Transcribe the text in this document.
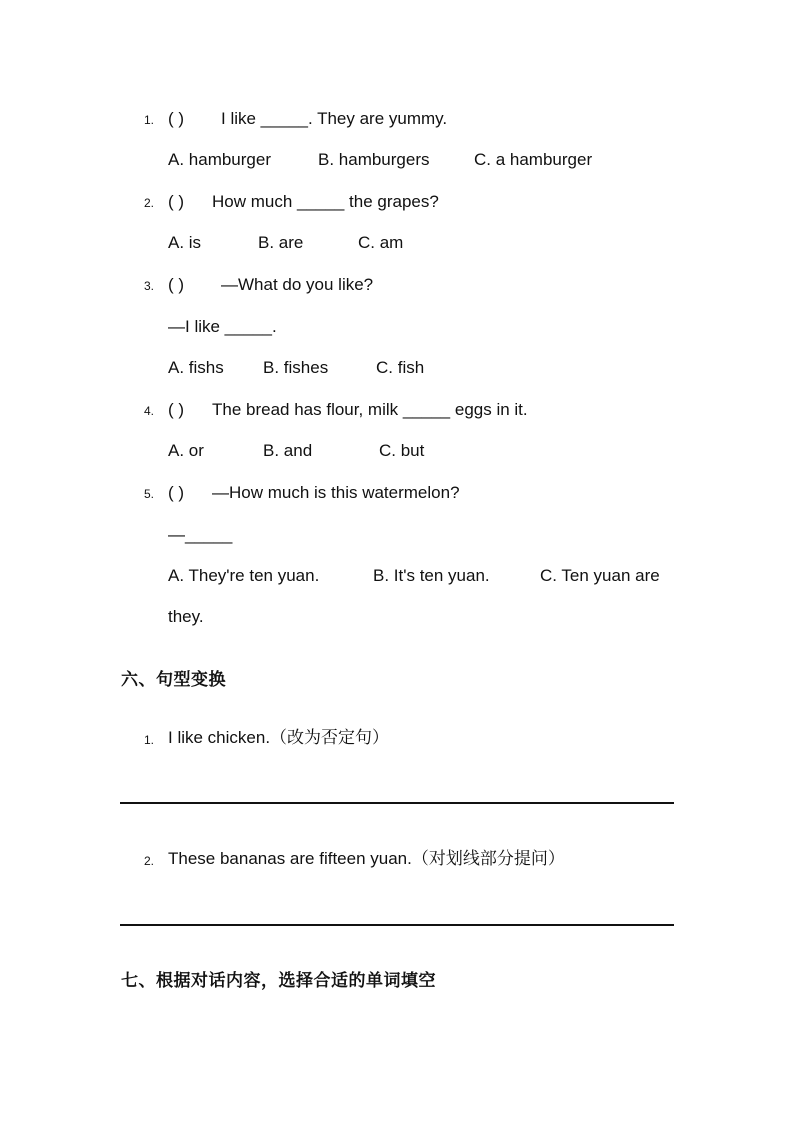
1. ( ) I like _____. They are yummy.
A. hamburger	B. hamburgers	C. a hamburger
2. ( ) How much _____ the grapes?
A. is	B. are	C. am
3. ( ) —What do you like?
—I like _____.
A. fishs B. fishes	C. fish
4. ( ) The bread has flour, milk _____ eggs in it.
A. or	B. and	C. but
5. ( ) —How much is this watermelon?
—_____
A. They're ten yuan.	B. It's ten yuan.	C. Ten yuan are
they.
六、句型变换
1. I like chicken.（改为否定句）
2. These bananas are fifteen yuan.（对划线部分提问）
七、根据对话内容，选择合适的单词填空
